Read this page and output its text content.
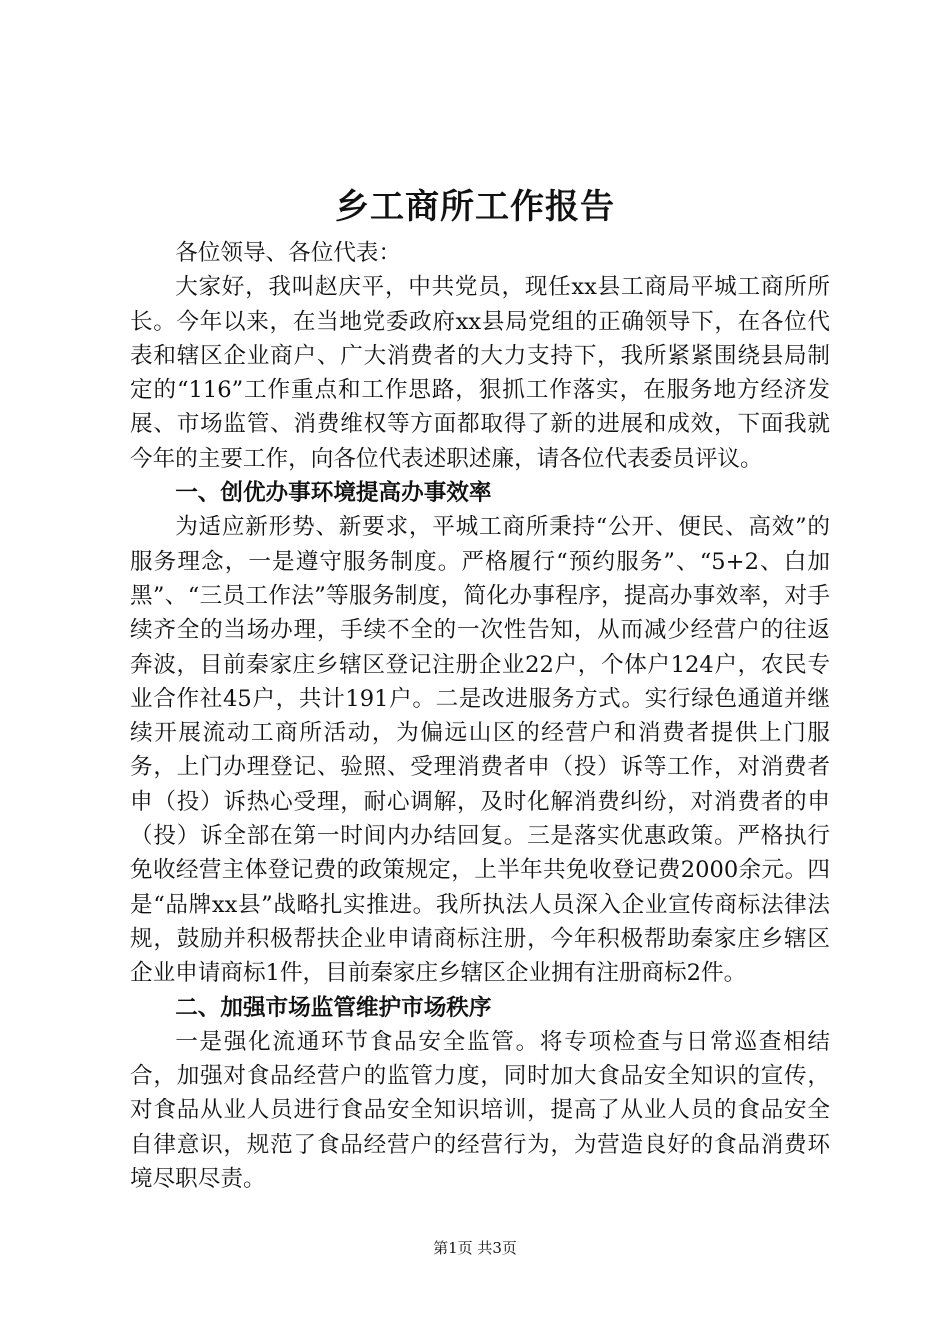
乡工商所工作报告

各位领导、各位代表：

大家好，我叫赵庆平，中共党员，现任xx县工商局平城工商所所长。今年以来，在当地党委政府xx县局党组的正确领导下，在各位代表和辖区企业商户、广大消费者的大力支持下，我所紧紧围绕县局制定的“116”工作重点和工作思路，狠抓工作落实，在服务地方经济发展、市场监管、消费维权等方面都取得了新的进展和成效，下面我就今年的主要工作，向各位代表述职述廉，请各位代表委员评议。

一、创优办事环境提高办事效率

为适应新形势、新要求，平城工商所秉持“公开、便民、高效”的服务理念，一是遵守服务制度。严格履行“预约服务”、“5+2、白加黑”、“三员工作法”等服务制度，简化办事程序，提高办事效率，对手续齐全的当场办理，手续不全的一次性告知，从而减少经营户的往返奔波，目前秦家庄乡辖区登记注册企业22户，个体户124户，农民专业合作社45户，共计191户。二是改进服务方式。实行绿色通道并继续开展流动工商所活动，为偏远山区的经营户和消费者提供上门服务，上门办理登记、验照、受理消费者申（投）诉等工作，对消费者申（投）诉热心受理，耐心调解，及时化解消费纠纷，对消费者的申（投）诉全部在第一时间内办结回复。三是落实优惠政策。严格执行免收经营主体登记费的政策规定，上半年共免收登记费2000余元。四是“品牌xx县”战略扎实推进。我所执法人员深入企业宣传商标法律法规，鼓励并积极帮扶企业申请商标注册，今年积极帮助秦家庄乡辖区企业申请商标1件，目前秦家庄乡辖区企业拥有注册商标2件。

二、加强市场监管维护市场秩序

一是强化流通环节食品安全监管。将专项检查与日常巡查相结合，加强对食品经营户的监管力度，同时加大食品安全知识的宣传，对食品从业人员进行食品安全知识培训，提高了从业人员的食品安全自律意识，规范了食品经营户的经营行为，为营造良好的食品消费环境尽职尽责。

第1页 共3页
